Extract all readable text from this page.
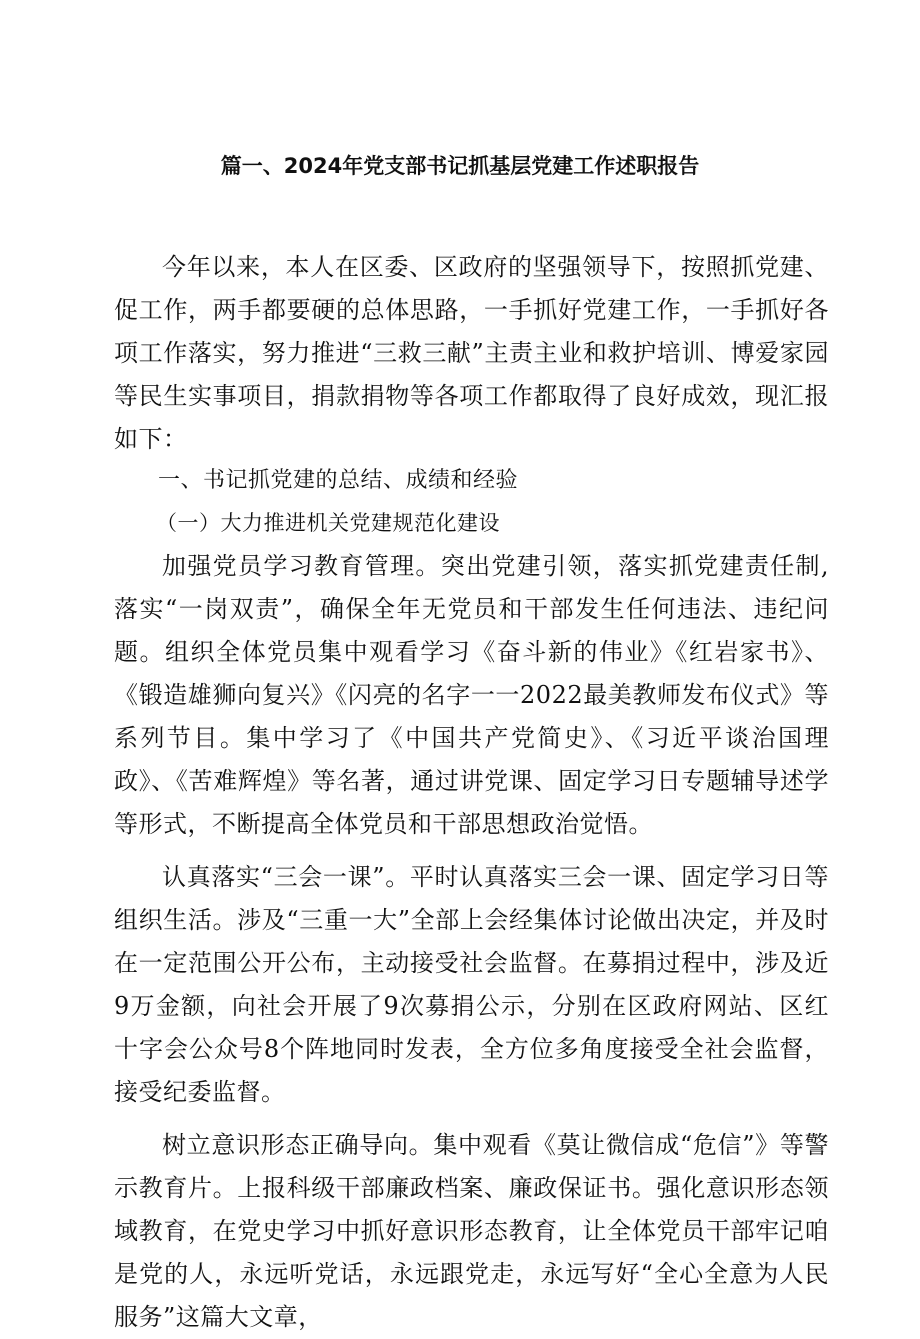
篇一、2024年党支部书记抓基层党建工作述职报告

今年以来，本人在区委、区政府的坚强领导下，按照抓党建、促工作，两手都要硬的总体思路，一手抓好党建工作，一手抓好各项工作落实，努力推进“三救三献”主责主业和救护培训、博爱家园等民生实事项目，捐款捐物等各项工作都取得了良好成效，现汇报如下：

一、书记抓党建的总结、成绩和经验

（一）大力推进机关党建规范化建设

加强党员学习教育管理。突出党建引领，落实抓党建责任制,落实“一岗双责”，确保全年无党员和干部发生任何违法、违纪问题。组织全体党员集中观看学习《奋斗新的伟业》《红岩家书》、《锻造雄狮向复兴》《闪亮的名字一一2022最美教师发布仪式》等系列节目。集中学习了《中国共产党简史》、《习近平谈治国理政》、《苦难辉煌》等名著，通过讲党课、固定学习日专题辅导述学等形式，不断提高全体党员和干部思想政治觉悟。

认真落实“三会一课”。平时认真落实三会一课、固定学习日等组织生活。涉及“三重一大”全部上会经集体讨论做出决定，并及时在一定范围公开公布，主动接受社会监督。在募捐过程中，涉及近9万金额，向社会开展了9次募捐公示，分别在区政府网站、区红十字会公众号8个阵地同时发表，全方位多角度接受全社会监督，接受纪委监督。

树立意识形态正确导向。集中观看《莫让微信成“危信”》等警示教育片。上报科级干部廉政档案、廉政保证书。强化意识形态领域教育，在党史学习中抓好意识形态教育，让全体党员干部牢记咱是党的人，永远听党话，永远跟党走，永远写好“全心全意为人民服务”这篇大文章，
